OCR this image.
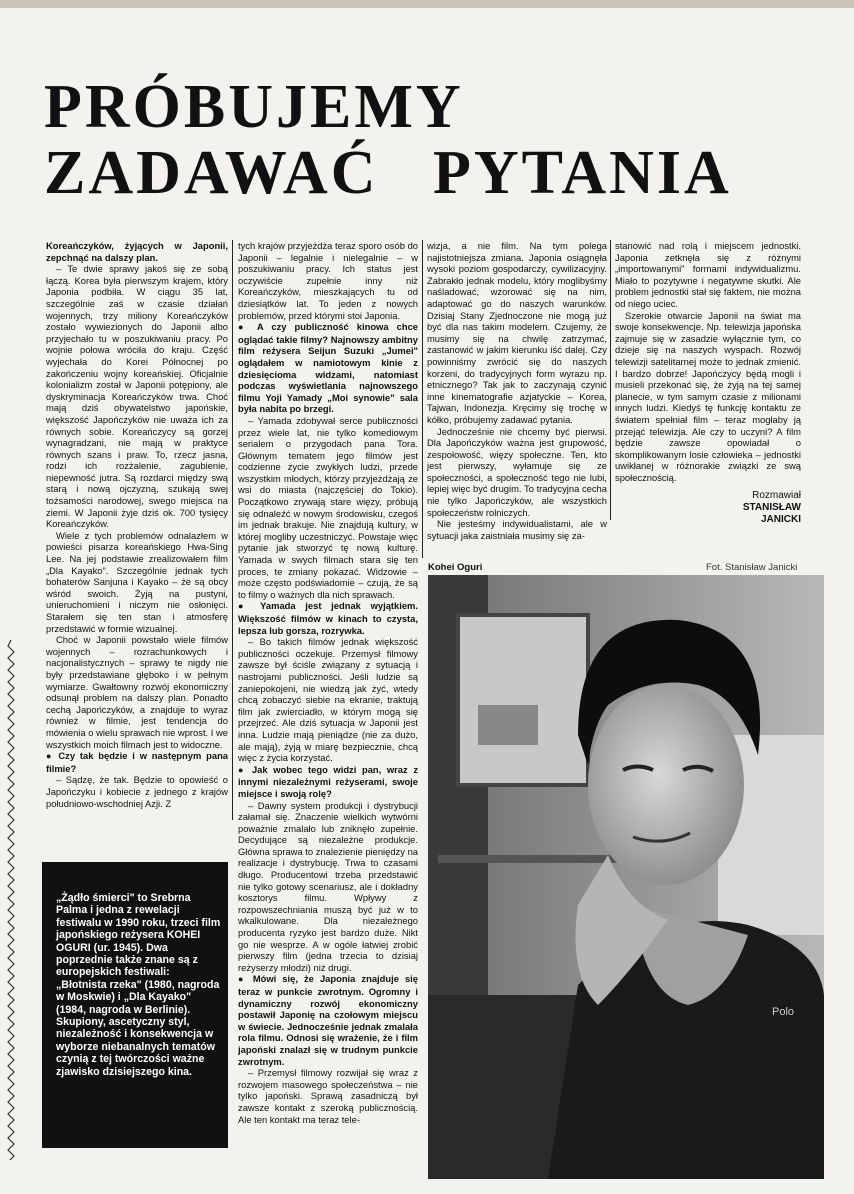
PRÓBUJEMY
ZADAWAĆ PYTANIA

Koreańczyków, żyjących w Japonii, zepchnąć na dalszy plan.

– Te dwie sprawy jakoś się ze sobą łączą. Korea była pierwszym krajem, który Japonia podbiła. W ciągu 35 lat, szczególnie zaś w czasie działań wojennych, trzy miliony Koreańczyków zostało wywiezionych do Japonii albo przyjechało tu w poszukiwaniu pracy. Po wojnie połowa wróciła do kraju. Część wyjechała do Korei Północnej po zakończeniu wojny koreańskiej. Oficjalnie kolonializm został w Japonii potępiony, ale dyskryminacja Koreańczyków trwa. Choć mają dziś obywatelstwo japońskie, większość Japończyków nie uważa ich za równych sobie. Koreańczycy są gorzej wynagradzani, nie mają w praktyce równych szans i praw. To, rzecz jasna, rodzi ich rozżalenie, zagubienie, niepewność jutra. Są rozdarci między swą starą i nową ojczyzną, szukają swej tożsamości narodowej, swego miejsca na ziemi. W Japonii żyje dziś ok. 700 tysięcy Koreańczyków.

Wiele z tych problemów odnalazłem w powieści pisarza koreańskiego Hwa-Sing Lee. Na jej podstawie zrealizowałem film „Dla Kayako". Szczególnie jednak tych bohaterów Sanjuna i Kayako – że są obcy wśród swoich. Żyją na pustyni, unieruchomieni i niczym nie osłonięci. Starałem się ten stan i atmosferę przedstawić w formie wizualnej.

Choć w Japonii powstało wiele filmów wojennych – rozrachunkowych i nacjonalistycznych – sprawy te nigdy nie były przedstawiane głęboko i w pełnym wymiarze. Gwałtowny rozwój ekonomiczny odsunął problem na dalszy plan. Ponadto cechą Japończyków, a znajduje to wyraz również w filmie, jest tendencja do mówienia o wielu sprawach nie wprost. I we wszystkich moich filmach jest to widoczne.

● Czy tak będzie i w następnym pana filmie?

– Sądzę, że tak. Będzie to opowieść o Japończyku i kobiecie z jednego z krajów południowo-wschodniej Azji. Z

tych krajów przyjeżdża teraz sporo osób do Japonii – legalnie i nielegalnie – w poszukiwaniu pracy. Ich status jest oczywiście zupełnie inny niż Koreańczyków, mieszkających tu od dziesiątków lat. To jeden z nowych problemów, przed którymi stoi Japonia.

● A czy publiczność kinowa chce oglądać takie filmy? Najnowszy ambitny film reżysera Seijun Suzuki „Jumei" oglądałem w namiotowym kinie z dziesięcioma widzami, natomiast podczas wyświetlania najnowszego filmu Yoji Yamady „Moi synowie" sala była nabita po brzegi.

– Yamada zdobywał serce publiczności przez wiele lat, nie tylko komediowym serialem o przygodach pana Tora. Głównym tematem jego filmów jest codzienne życie zwykłych ludzi, przede wszystkim młodych, którzy przyjeżdżają ze wsi do miasta (najczęściej do Tokio). Początkowo zrywają stare więzy, próbują się odnaleźć w nowym środowisku, czegoś im jednak brakuje. Nie znajdują kultury, w której mogliby uczestniczyć. Powstaje więc pytanie jak stworzyć tę nową kulturę. Yamada w swych filmach stara się ten proces, te zmiany pokazać. Widzowie – może często podświadomie – czują, że są to filmy o ważnych dla nich sprawach.

● Yamada jest jednak wyjątkiem. Większość filmów w kinach to czysta, lepsza lub gorsza, rozrywka.

– Bo takich filmów jednak większość publiczności oczekuje. Przemysł filmowy zawsze był ściśle związany z sytuacją i nastrojami publiczności. Jeśli ludzie są zaniepokojeni, nie wiedzą jak żyć, wtedy chcą zobaczyć siebie na ekranie, traktują film jak zwierciadło, w którym mogą się przejrzeć. Ale dziś sytuacja w Japonii jest inna. Ludzie mają pieniądze (nie za dużo, ale mają), żyją w miarę bezpiecznie, chcą więc z życia korzystać.

● Jak wobec tego widzi pan, wraz z innymi niezależnymi reżyserami, swoje miejsce i swoją rolę?

– Dawny system produkcji i dystrybucji załamał się. Znaczenie wielkich wytwórni poważnie zmalało lub zniknęło zupełnie. Decydujące są niezależne produkcje. Główna sprawa to znalezienie pieniędzy na realizacje i dystrybucję. Trwa to czasami długo. Producentowi trzeba przedstawić nie tylko gotowy scenariusz, ale i dokładny kosztorys filmu. Wpływy z rozpowszechniania muszą być już w to wkalkulowane. Dla niezależnego producenta ryzyko jest bardzo duże. Nikt go nie wesprze. A w ogóle łatwiej zrobić pierwszy film (jedna trzecia to dzisiaj reżyserzy młodzi) niż drugi.

● Mówi się, że Japonia znajduje się teraz w punkcie zwrotnym. Ogromny i dynamiczny rozwój ekonomiczny postawił Japonię na czołowym miejscu w świecie. Jednocześnie jednak zmalała rola filmu. Odnosi się wrażenie, że i film japoński znalazł się w trudnym punkcie zwrotnym.

– Przemysł filmowy rozwijał się wraz z rozwojem masowego społeczeństwa – nie tylko japoński. Sprawą zasadniczą był zawsze kontakt z szeroką publicznością. Ale ten kontakt ma teraz tele-

wizja, a nie film. Na tym polega najistotniejsza zmiana. Japonia osiągnęła wysoki poziom gospodarczy, cywilizacyjny. Zabrakło jednak modelu, który moglibyśmy naśladować, wzorować się na nim, adaptować go do naszych warunków. Dzisiaj Stany Zjednoczone nie mogą już być dla nas takim modelem. Czujemy, że musimy się na chwilę zatrzymać, zastanowić w jakim kierunku iść dalej. Czy powinniśmy zwrócić się do naszych korzeni, do tradycyjnych form wyrazu np. etnicznego? Tak jak to zaczynają czynić inne kinematografie azjatyckie – Korea, Tajwan, Indonezja. Kręcimy się trochę w kółko, próbujemy zadawać pytania.

Jednocześnie nie chcemy być pierwsi. Dla Japończyków ważna jest grupowość, zespołowość, więzy społeczne. Ten, kto jest pierwszy, wyłamuje się ze społeczności, a społeczność tego nie lubi, lepiej więc być drugim. To tradycyjna cecha nie tylko Japończyków, ale wszystkich społeczeństw rolniczych.

Nie jesteśmy indywidualistami, ale w sytuacji jaka zaistniała musimy się za-

stanowić nad rolą i miejscem jednostki. Japonia zetknęła się z różnymi „importowanymi" formami indywidualizmu. Miało to pozytywne i negatywne skutki. Ale problem jednostki stał się faktem, nie można od niego uciec.

Szerokie otwarcie Japonii na świat ma swoje konsekwencje. Np. telewizja japońska zajmuje się w zasadzie wyłącznie tym, co dzieje się na naszych wyspach. Rozwój telewizji satelitarnej może to jednak zmienić. I bardzo dobrze! Japończycy będą mogli i musieli przekonać się, że żyją na tej samej planecie, w tym samym czasie z milionami innych ludzi. Kiedyś tę funkcję kontaktu ze światem spełniał film – teraz mogłaby ją przejąć telewizja. Ale czy to uczyni? A film będzie zawsze opowiadał o skomplikowanym losie człowieka – jednostki uwikłanej w różnorakie związki ze swą społecznością.

Rozmawiał
STANISŁAW
JANICKI
Kohei Oguri	Fot. Stanisław Janicki
Polo
„Żądło śmierci" to Srebrna Palma i jedna z rewelacji festiwalu w 1990 roku, trzeci film japońskiego reżysera KOHEI OGURI (ur. 1945). Dwa poprzednie także znane są z europejskich festiwali: „Błotnista rzeka" (1980, nagroda w Moskwie) i „Dla Kayako" (1984, nagroda w Berlinie). Skupiony, ascetyczny styl, niezależność i konsekwencja w wyborze niebanalnych tematów czynią z tej twórczości ważne zjawisko dzisiejszego kina.
